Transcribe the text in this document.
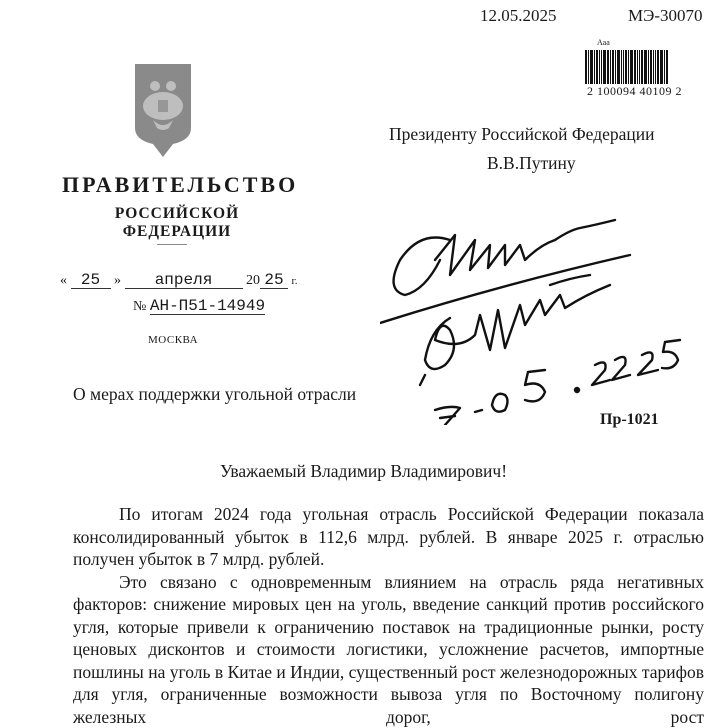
12.05.2025	МЭ-30070
Ааа
2 100094 40109 2
ПРАВИТЕЛЬСТВО
РОССИЙСКОЙ ФЕДЕРАЦИИ
« 25 » апреля 20 25 г.
№ АН-П51-14949
МОСКВА
Президенту Российской Федерации
В.В.Путину
О мерах поддержки угольной отрасли
Пр-1021
Уважаемый Владимир Владимирович!

По итогам 2024 года угольная отрасль Российской Федерации показала консолидированный убыток в 112,6 млрд. рублей. В январе 2025 г. отраслью получен убыток в 7 млрд. рублей.

Это связано с одновременным влиянием на отрасль ряда негативных факторов: снижение мировых цен на уголь, введение санкций против российского угля, которые привели к ограничению поставок на традиционные рынки, росту ценовых дисконтов и стоимости логистики, усложнение расчетов, импортные пошлины на уголь в Китае и Индии, существенный рост железнодорожных тарифов для угля, ограниченные возможности вывоза угля по Восточному полигону железных дорог, рост
